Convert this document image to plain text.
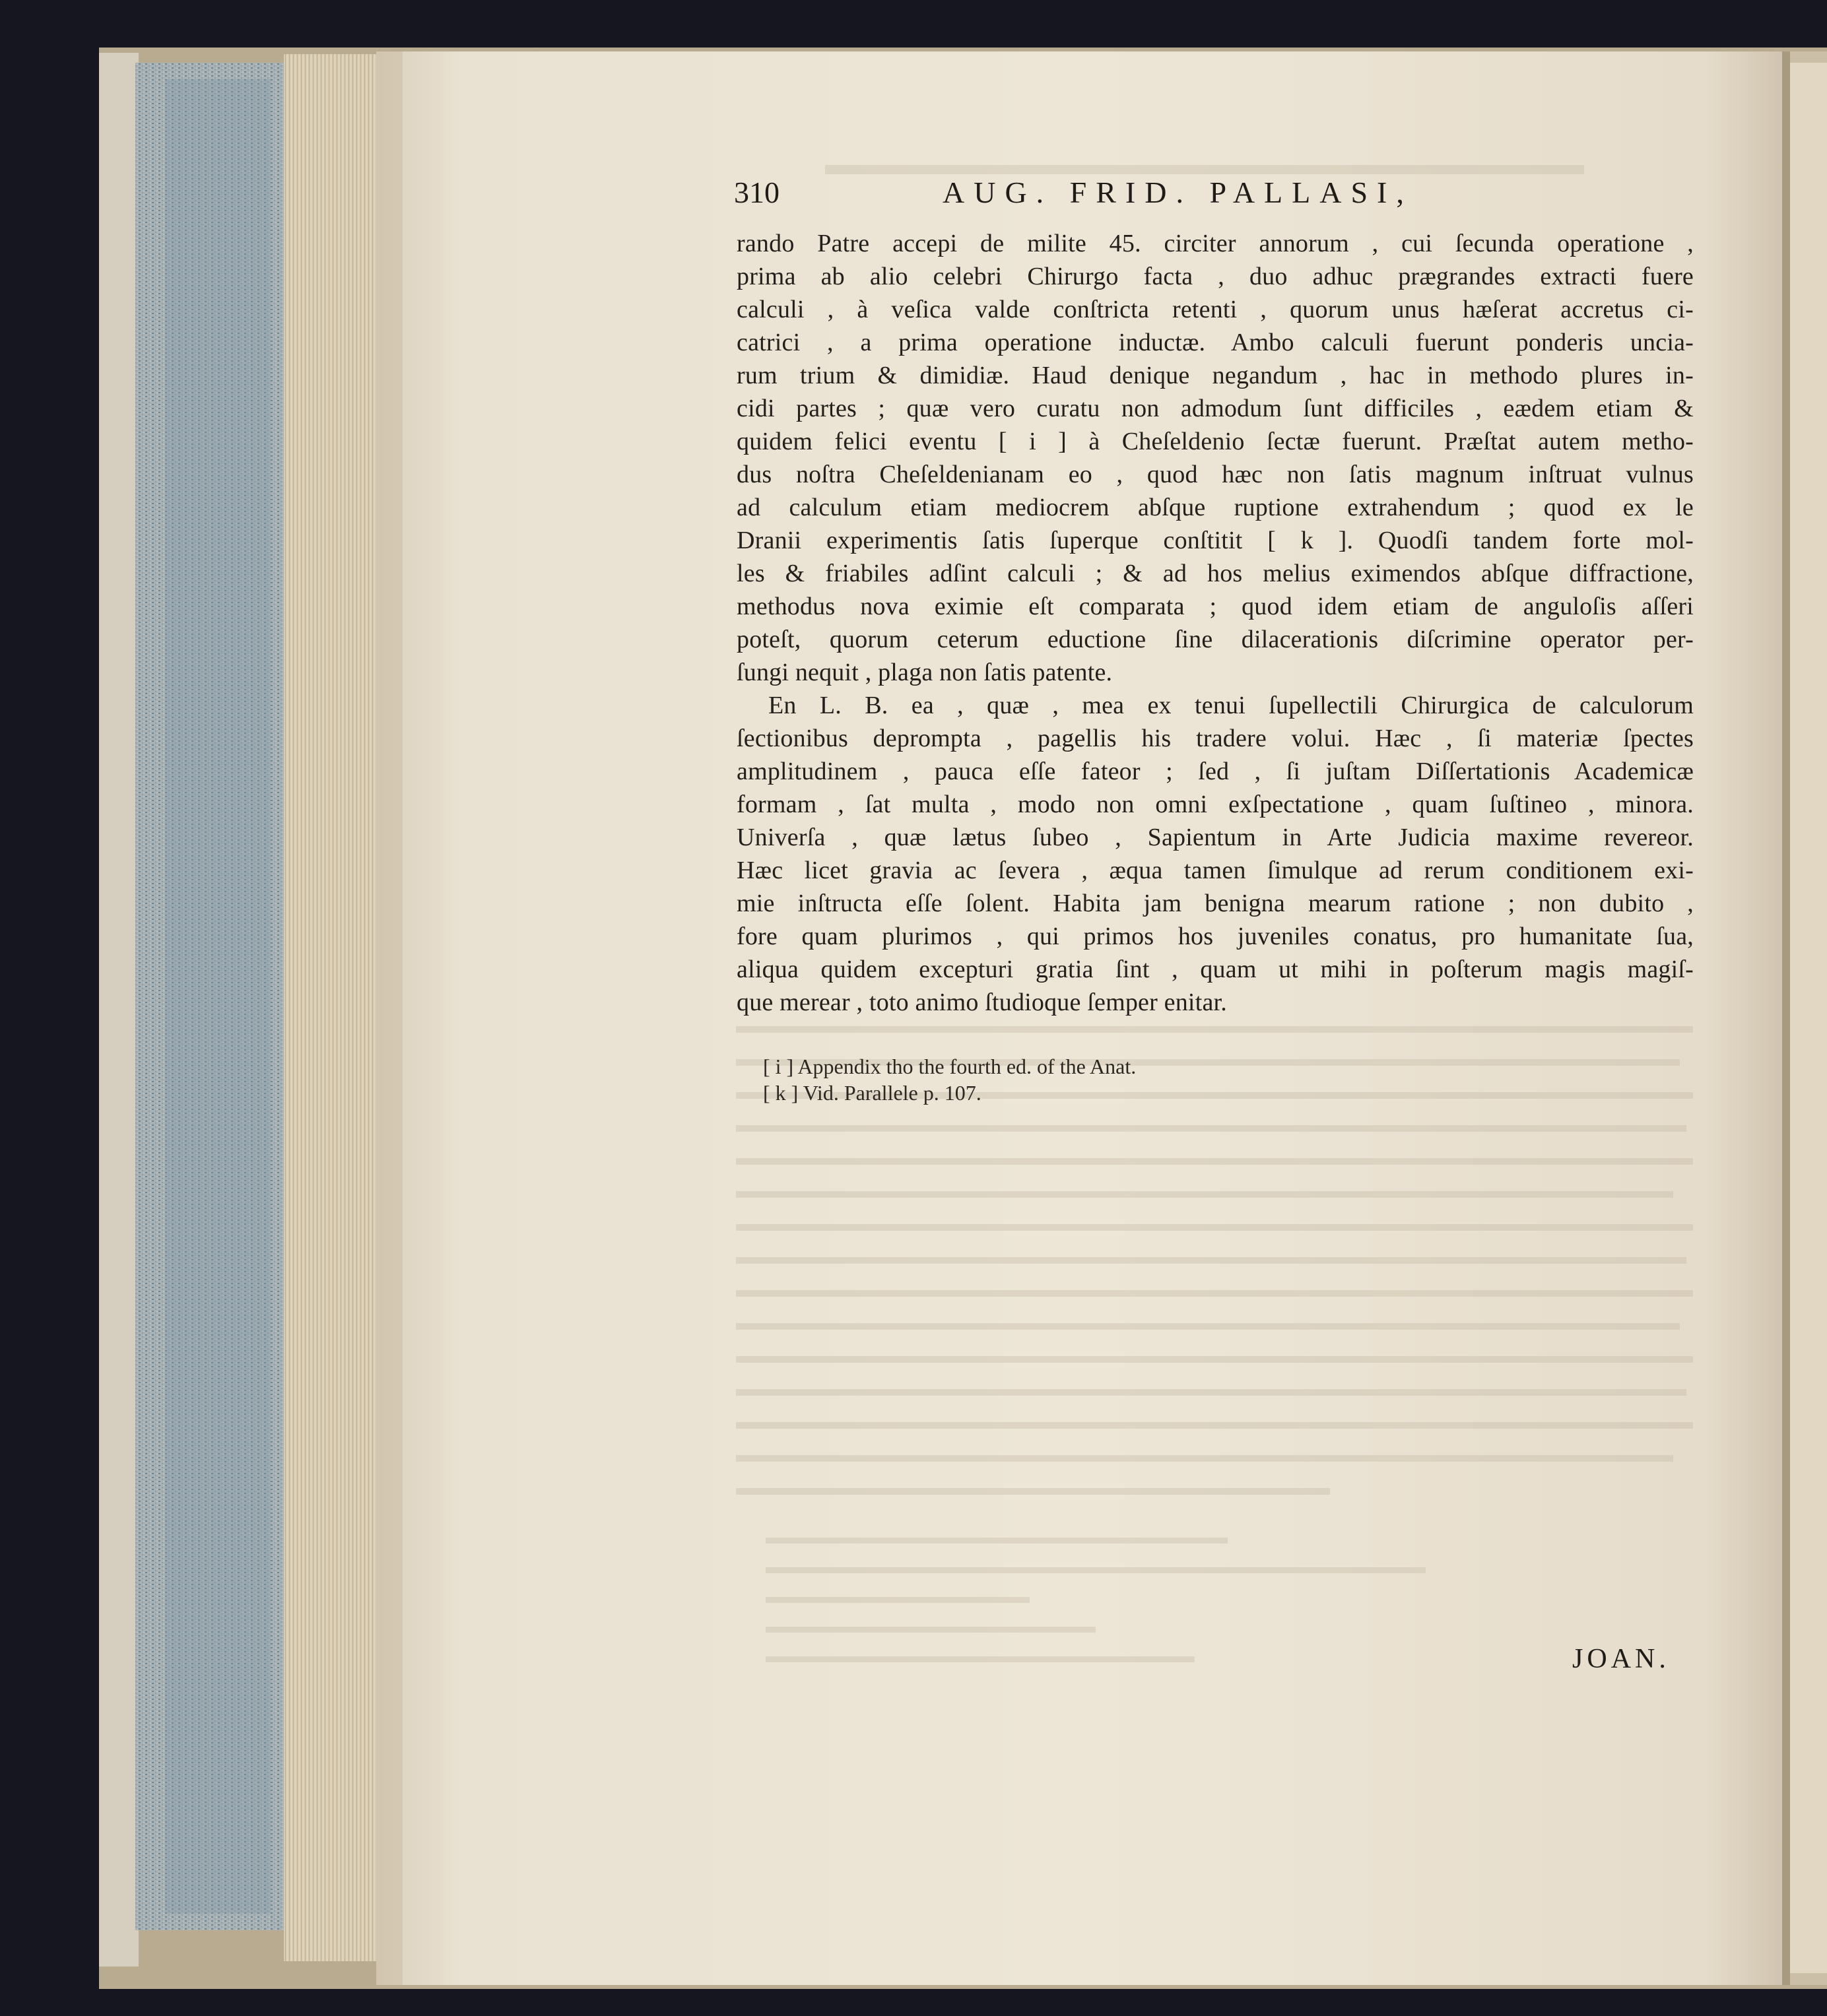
310	AUG. FRID. PALLASI,
rando Patre accepi de milite 45. circiter annorum , cui ſecunda operatione ,
prima ab alio celebri Chirurgo facta , duo adhuc prægrandes extracti fuere
calculi , à veſica valde conſtricta retenti , quorum unus hæſerat accretus ci-
catrici , a prima operatione inductæ. Ambo calculi fuerunt ponderis uncia-
rum trium & dimidiæ. Haud denique negandum , hac in methodo plures in-
cidi partes ; quæ vero curatu non admodum ſunt difficiles , eædem etiam &
quidem felici eventu [ i ] à Cheſeldenio ſectæ fuerunt. Præſtat autem metho-
dus noſtra Cheſeldenianam eo , quod hæc non ſatis magnum inſtruat vulnus
ad calculum etiam mediocrem abſque ruptione extrahendum ; quod ex le
Dranii experimentis ſatis ſuperque conſtitit [ k ]. Quodſi tandem forte mol-
les & friabiles adſint calculi ; & ad hos melius eximendos abſque diffractione,
methodus nova eximie eſt comparata ; quod idem etiam de angulοſis aſſeri
poteſt, quorum ceterum eductione ſine dilacerationis diſcrimine operator per-
ſungi nequit , plaga non ſatis patente.
En L. B. ea , quæ , mea ex tenui ſupellectili Chirurgica de calculorum
ſectionibus deprompta , pagellis his tradere volui. Hæc , ſi materiæ ſpectes
amplitudinem , pauca eſſe fateor ; ſed , ſi juſtam Diſſertationis Academicæ
formam , ſat multa , modo non omni exſpectatione , quam ſuſtineo , minora.
Univerſa , quæ lætus ſubeo , Sapientum in Arte Judicia maxime revereor.
Hæc licet gravia ac ſevera , æqua tamen ſimulque ad rerum conditionem exi-
mie inſtructa eſſe ſolent. Habita jam benigna mearum ratione ; non dubito ,
fore quam plurimos , qui primos hos juveniles conatus, pro humanitate ſua,
aliqua quidem excepturi gratia ſint , quam ut mihi in poſterum magis magiſ-
que merear , toto animo ſtudioque ſemper enitar.
[ i ] Appendix tho the fourth ed. of the Anat.
[ k ] Vid. Parallele p. 107.
JOAN.
